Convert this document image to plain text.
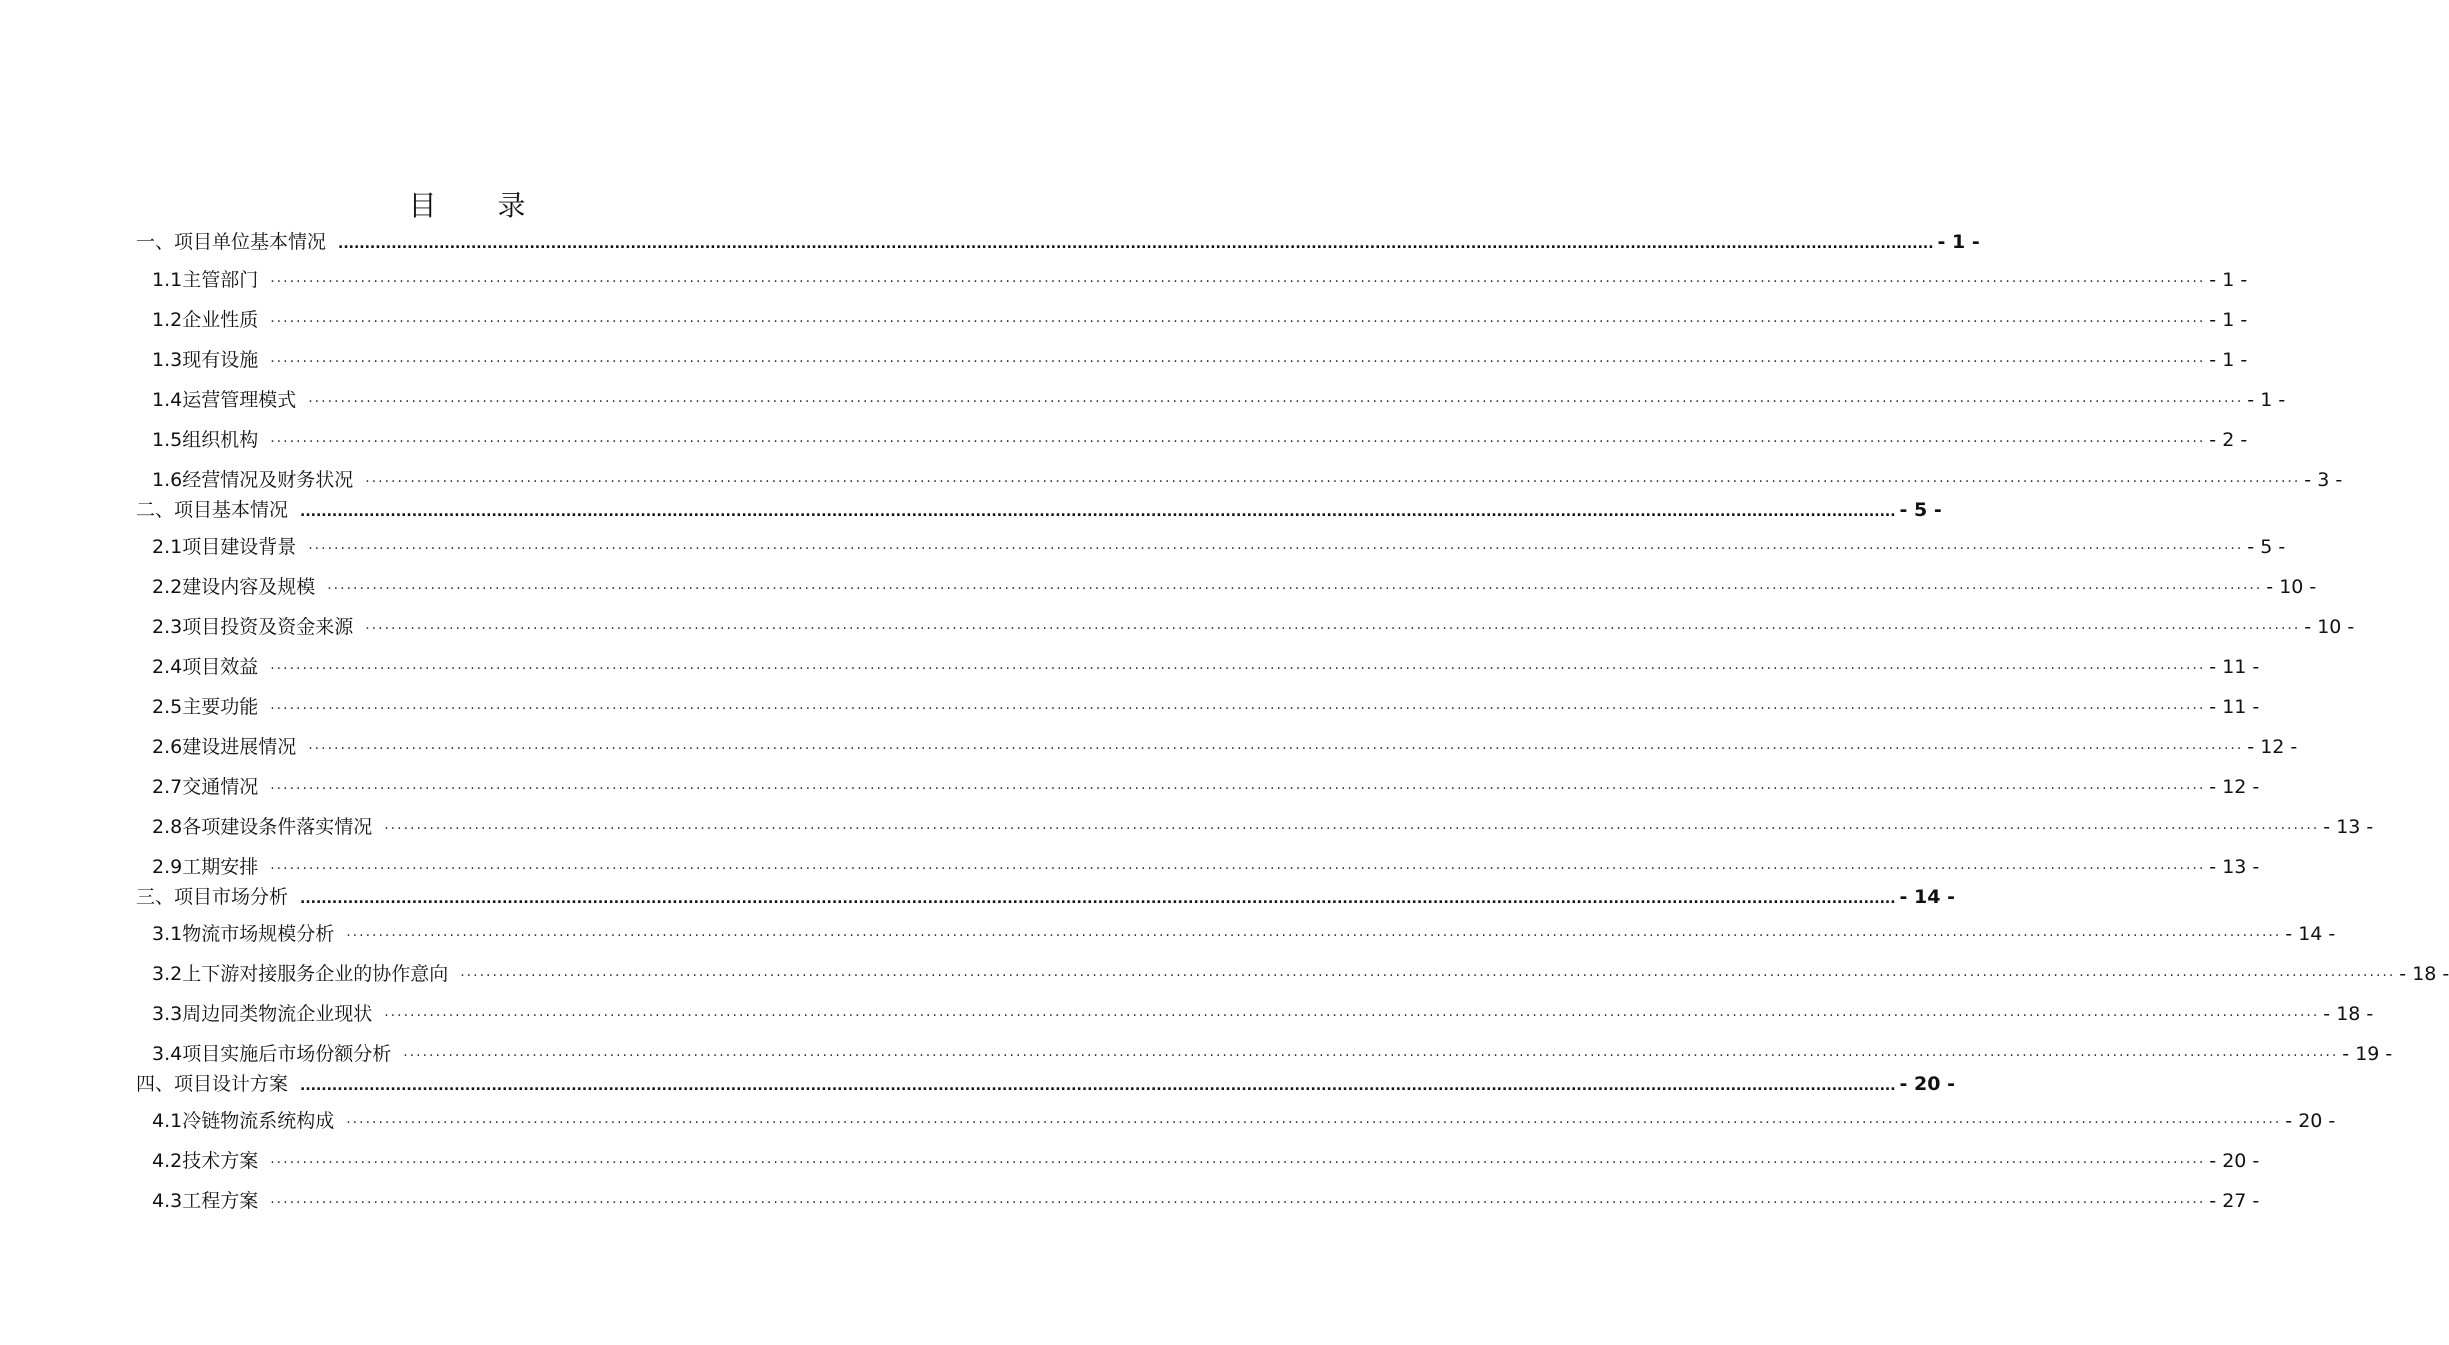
目 录
一、项目单位基本情况 ............................................................................................................................................................................................................................................................................................................ - 1 -
1.1 主管部门 ············································································································································································································································································································ - 1 -
1.2 企业性质 ············································································································································································································································································································ - 1 -
1.3 现有设施 ············································································································································································································································································································ - 1 -
1.4 运营管理模式 ············································································································································································································································································································ - 1 -
1.5 组织机构 ············································································································································································································································································································ - 2 -
1.6 经营情况及财务状况 ············································································································································································································································································································ - 3 -
二、项目基本情况 ............................................................................................................................................................................................................................................................................................................ - 5 -
2.1 项目建设背景 ············································································································································································································································································································ - 5 -
2.2 建设内容及规模 ············································································································································································································································································································ - 10 -
2.3 项目投资及资金来源 ············································································································································································································································································································ - 10 -
2.4 项目效益 ············································································································································································································································································································ - 11 -
2.5 主要功能 ············································································································································································································································································································ - 11 -
2.6 建设进展情况 ············································································································································································································································································································ - 12 -
2.7 交通情况 ············································································································································································································································································································ - 12 -
2.8 各项建设条件落实情况 ············································································································································································································································································································ - 13 -
2.9 工期安排 ············································································································································································································································································································ - 13 -
三、项目市场分析 ............................................................................................................................................................................................................................................................................................................ - 14 -
3.1 物流市场规模分析 ············································································································································································································································································································ - 14 -
3.2 上下游对接服务企业的协作意向 ············································································································································································································································································································ - 18 -
3.3 周边同类物流企业现状 ············································································································································································································································································································ - 18 -
3.4 项目实施后市场份额分析 ············································································································································································································································································································ - 19 -
四、项目设计方案 ............................................................................................................................................................................................................................................................................................................ - 20 -
4.1 冷链物流系统构成 ············································································································································································································································································································ - 20 -
4.2 技术方案 ············································································································································································································································································································ - 20 -
4.3 工程方案 ············································································································································································································································································································ - 27 -
